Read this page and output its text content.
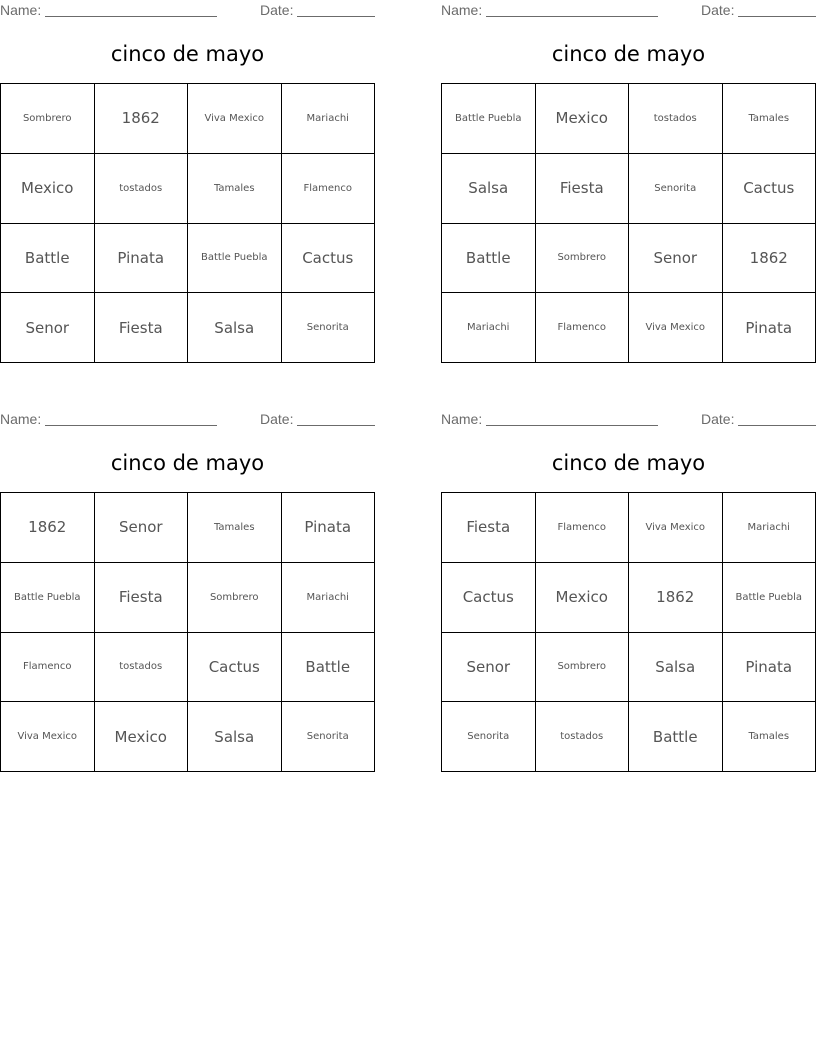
Name:	Date:
cinco de mayo
Sombrero	1862	Viva Mexico	Mariachi
Mexico	tostados	Tamales	Flamenco
Battle	Pinata	Battle Puebla	Cactus
Senor	Fiesta	Salsa	Senorita
Name:	Date:
cinco de mayo
Battle Puebla	Mexico	tostados	Tamales
Salsa	Fiesta	Senorita	Cactus
Battle	Sombrero	Senor	1862
Mariachi	Flamenco	Viva Mexico	Pinata
Name:	Date:
cinco de mayo
1862	Senor	Tamales	Pinata
Battle Puebla	Fiesta	Sombrero	Mariachi
Flamenco	tostados	Cactus	Battle
Viva Mexico	Mexico	Salsa	Senorita
Name:	Date:
cinco de mayo
Fiesta	Flamenco	Viva Mexico	Mariachi
Cactus	Mexico	1862	Battle Puebla
Senor	Sombrero	Salsa	Pinata
Senorita	tostados	Battle	Tamales
